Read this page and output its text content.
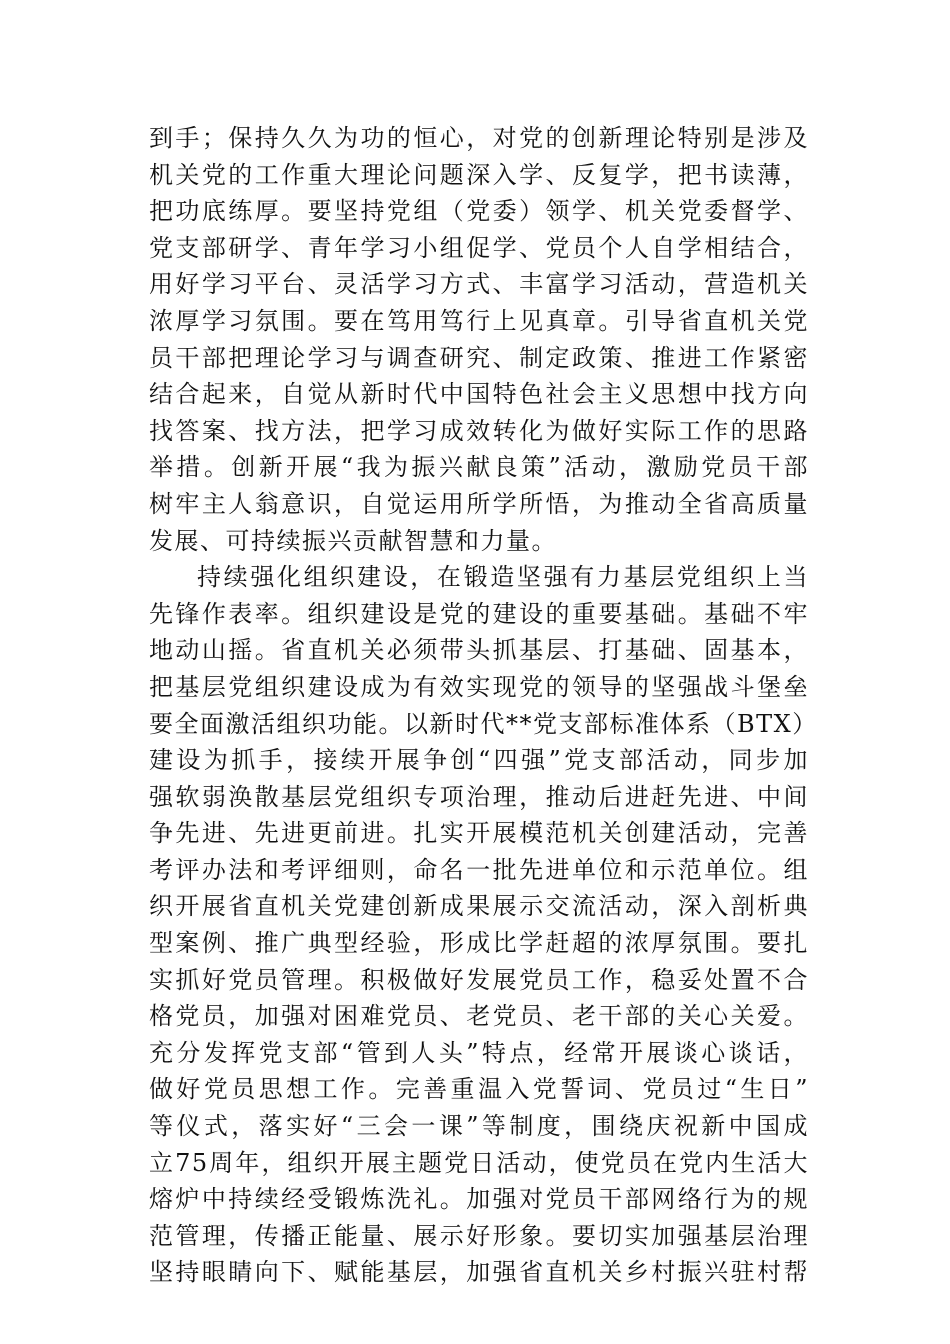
到手；保持久久为功的恒心，对党的创新理论特别是涉及
机关党的工作重大理论问题深入学、反复学，把书读薄，
把功底练厚。要坚持党组（党委）领学、机关党委督学、
党支部研学、青年学习小组促学、党员个人自学相结合，
用好学习平台、灵活学习方式、丰富学习活动，营造机关
浓厚学习氛围。要在笃用笃行上见真章。引导省直机关党
员干部把理论学习与调查研究、制定政策、推进工作紧密
结合起来，自觉从新时代中国特色社会主义思想中找方向
找答案、找方法，把学习成效转化为做好实际工作的思路
举措。创新开展“我为振兴献良策”活动，激励党员干部
树牢主人翁意识，自觉运用所学所悟，为推动全省高质量
发展、可持续振兴贡献智慧和力量。
持续强化组织建设，在锻造坚强有力基层党组织上当
先锋作表率。组织建设是党的建设的重要基础。基础不牢
地动山摇。省直机关必须带头抓基层、打基础、固基本，
把基层党组织建设成为有效实现党的领导的坚强战斗堡垒
要全面激活组织功能。以新时代**党支部标准体系（BTX）
建设为抓手，接续开展争创“四强”党支部活动，同步加
强软弱涣散基层党组织专项治理，推动后进赶先进、中间
争先进、先进更前进。扎实开展模范机关创建活动，完善
考评办法和考评细则，命名一批先进单位和示范单位。组
织开展省直机关党建创新成果展示交流活动，深入剖析典
型案例、推广典型经验，形成比学赶超的浓厚氛围。要扎
实抓好党员管理。积极做好发展党员工作，稳妥处置不合
格党员，加强对困难党员、老党员、老干部的关心关爱。
充分发挥党支部“管到人头”特点，经常开展谈心谈话，
做好党员思想工作。完善重温入党誓词、党员过“生日”
等仪式，落实好“三会一课”等制度，围绕庆祝新中国成
立75周年，组织开展主题党日活动，使党员在党内生活大
熔炉中持续经受锻炼洗礼。加强对党员干部网络行为的规
范管理，传播正能量、展示好形象。要切实加强基层治理
坚持眼睛向下、赋能基层，加强省直机关乡村振兴驻村帮
